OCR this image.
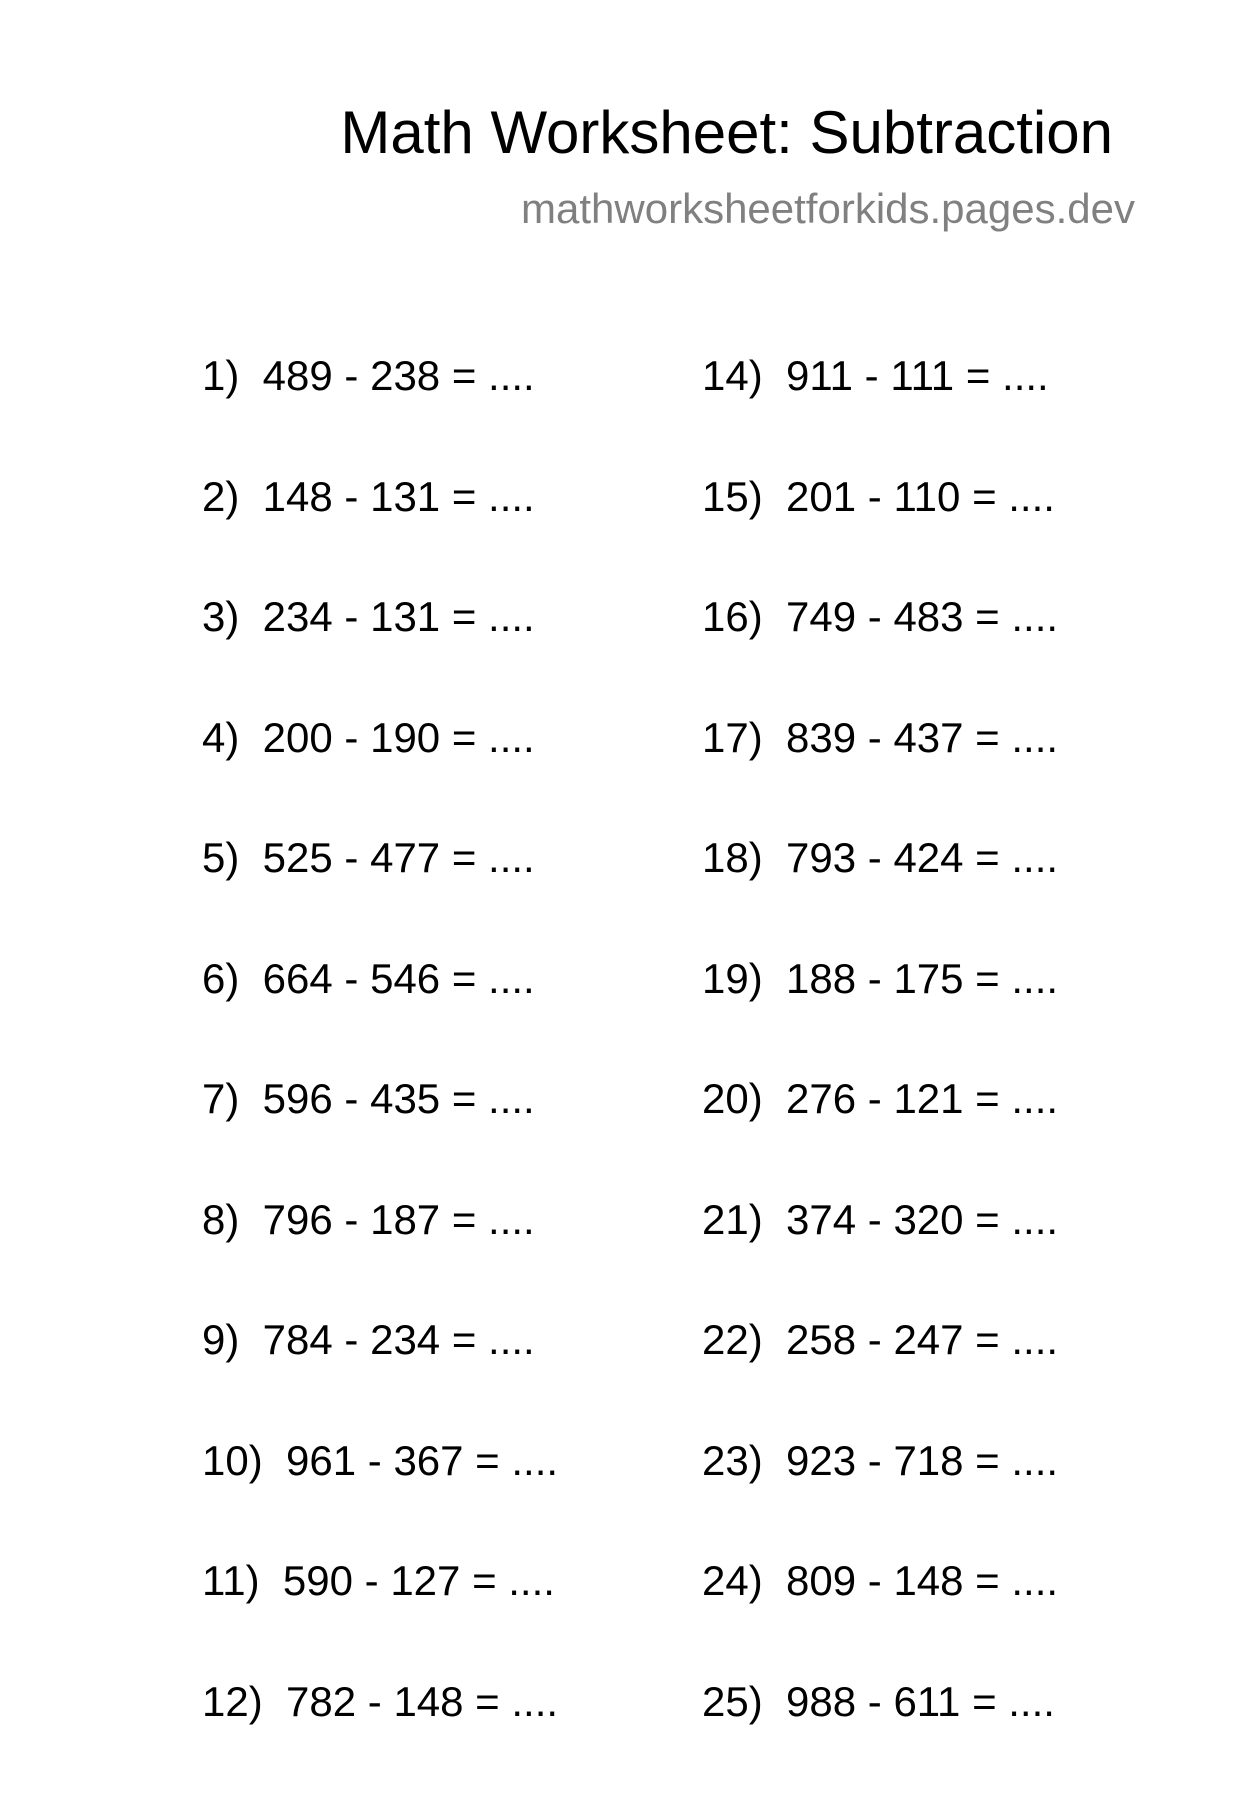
Math Worksheet: Subtraction
mathworksheetforkids.pages.dev
1)  489 - 238 = ....
2)  148 - 131 = ....
3)  234 - 131 = ....
4)  200 - 190 = ....
5)  525 - 477 = ....
6)  664 - 546 = ....
7)  596 - 435 = ....
8)  796 - 187 = ....
9)  784 - 234 = ....
10)  961 - 367 = ....
11)  590 - 127 = ....
12)  782 - 148 = ....
14)  911 - 111 = ....
15)  201 - 110 = ....
16)  749 - 483 = ....
17)  839 - 437 = ....
18)  793 - 424 = ....
19)  188 - 175 = ....
20)  276 - 121 = ....
21)  374 - 320 = ....
22)  258 - 247 = ....
23)  923 - 718 = ....
24)  809 - 148 = ....
25)  988 - 611 = ....
